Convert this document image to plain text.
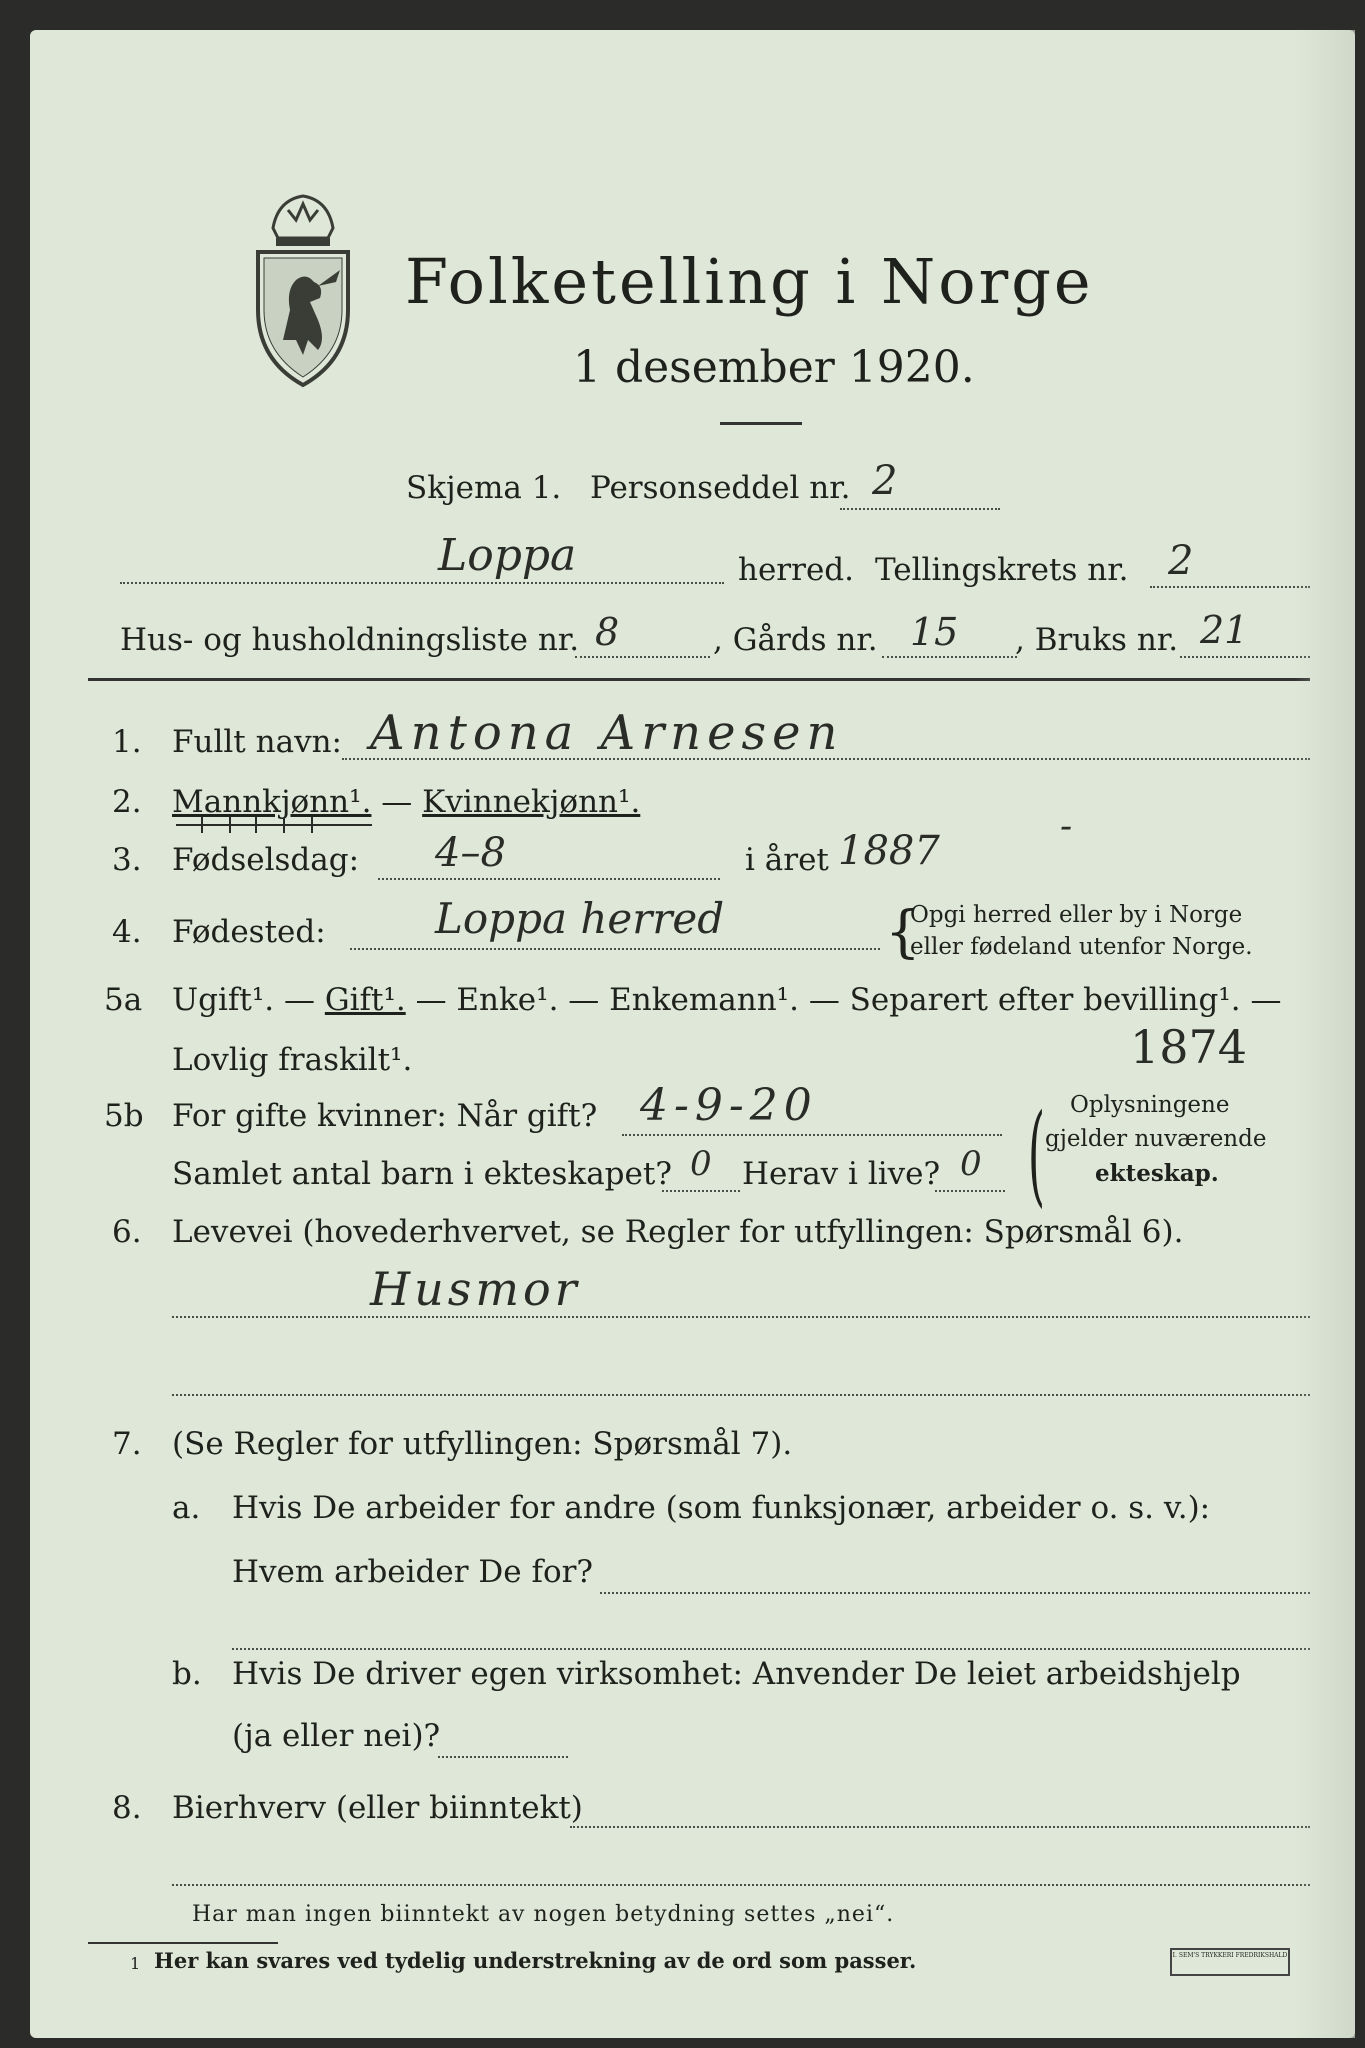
Folketelling i Norge
1 desember 1920.
Skjema 1. Personseddel nr. 2
Loppa	herred. Tellingskrets nr. 2
Hus- og husholdningsliste nr. 8	, Gårds nr. 15 , Bruks nr. 21
1. Fullt navn: Antona Arnesen
2. Mannkjønn¹. — Kvinnekjønn¹.
3. Fødselsdag: 4–8	i året 1887
-
4. Fødested:	Loppa herred	{
Opgi herred eller by i Norge
eller fødeland utenfor Norge.
5a Ugift¹. — Gift¹. — Enke¹. — Enkemann¹. — Separert efter bevilling¹. —
Lovlig fraskilt¹.	1874
5b For gifte kvinner: Når gift? 4-9-20
Samlet antal barn i ekteskapet? 0 Herav i live? 0 ( Oplysningene
gjelder nuværende
ekteskap.
6. Levevei (hovederhvervet, se Regler for utfyllingen: Spørsmål 6).
Husmor
7. (Se Regler for utfyllingen: Spørsmål 7).
a. Hvis De arbeider for andre (som funksjonær, arbeider o. s. v.):
Hvem arbeider De for?
b. Hvis De driver egen virksomhet: Anvender De leiet arbeidshjelp
(ja eller nei)?
8. Bierhverv (eller biinntekt)
Har man ingen biinntekt av nogen betydning settes „nei“.
1 Her kan svares ved tydelig understrekning av de ord som passer.	I. SEM'S TRYKKERI FREDRIKSHALD
